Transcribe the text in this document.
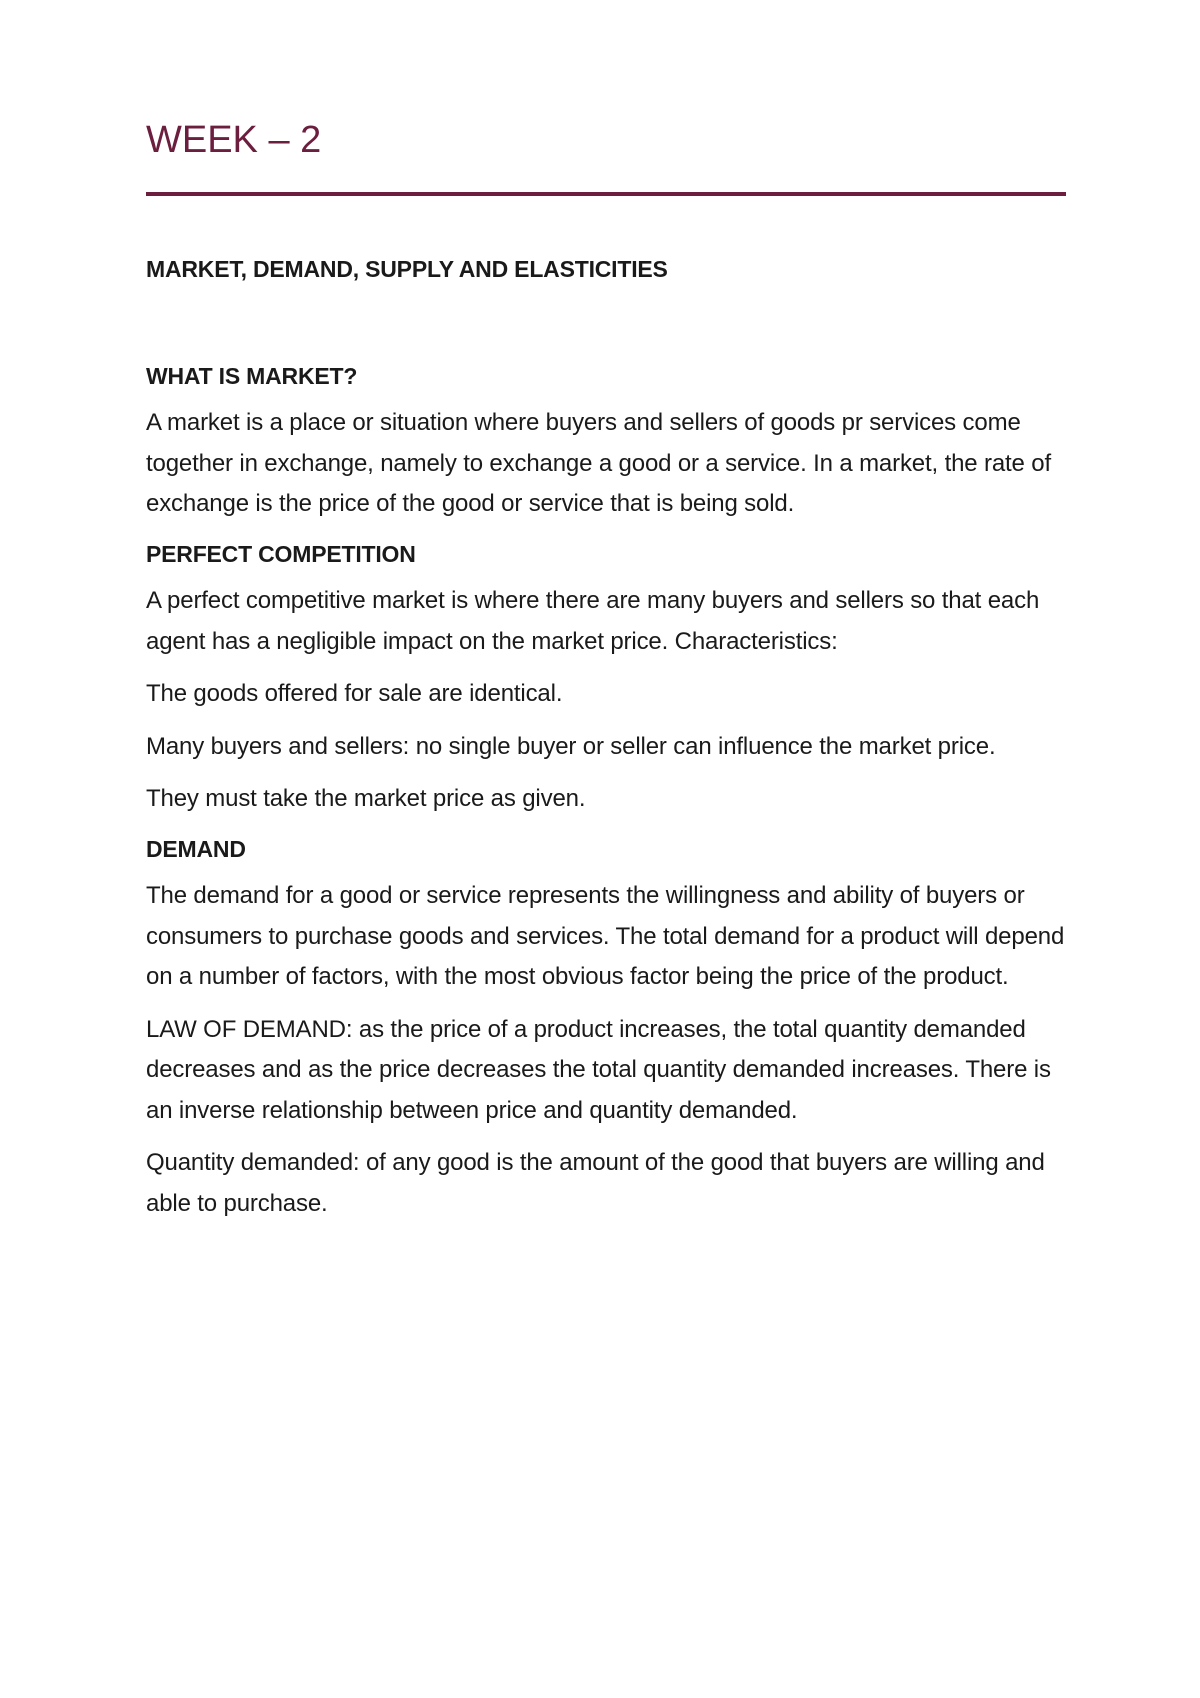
WEEK – 2

MARKET, DEMAND, SUPPLY AND ELASTICITIES

WHAT IS MARKET?

A market is a place or situation where buyers and sellers of goods pr services come together in exchange, namely to exchange a good or a service. In a market, the rate of exchange is the price of the good or service that is being sold.

PERFECT COMPETITION

A perfect competitive market is where there are many buyers and sellers so that each agent has a negligible impact on the market price. Characteristics:

The goods offered for sale are identical.

Many buyers and sellers: no single buyer or seller can influence the market price.

They must take the market price as given.

DEMAND

The demand for a good or service represents the willingness and ability of buyers or consumers to purchase goods and services. The total demand for a product will depend on a number of factors, with the most obvious factor being the price of the product.

LAW OF DEMAND: as the price of a product increases, the total quantity demanded decreases and as the price decreases the total quantity demanded increases. There is an inverse relationship between price and quantity demanded.

Quantity demanded: of any good is the amount of the good that buyers are willing and able to purchase.
